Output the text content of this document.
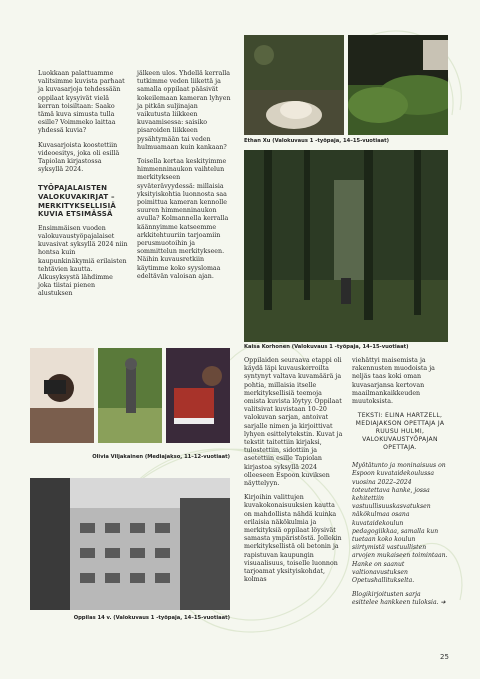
Luokkaan palattuamme valitsimme kuvista parhaat ja kuvasarjoja tehdessään oppilaat kysyivät vielä kerran toisiltaan: Saako tämä kuva simusta tulla esille? Voimmeko laittaa yhdessä kuvia?

Kuvasarjoista koostettiin videoesitys, joka oli esillä Tapiolan kirjastossa syksyllä 2024.

TYÖPAJALAISTEN VALOKUVAKIRJAT – MERKITYKSELLISIÄ KUVIA ETSIMÄSSÄ

Ensimmäisen vuoden valokuvaustyöpajalaiset kuvasivat syksyllä 2024 niin hontsa kuin kaupunkinäkymiä erilaisten tehtävien kautta. Alkusyksystä lähdimme joka tiistai pienen alustuksen

jälkeen ulos. Yhdellä kerralla tutkimme veden liikettä ja samalla oppilaat pääsivät kokeilemaan kameran lyhyen ja pitkän suljinajan vaikutusta liikkeen kuvaamisessa: saisiko pisaroiden liikkeen pysähtymään tai veden hulmuamaan kuin kankaan?

Toisella kertaa keskityimme himmenninaukon vaihtelun merkitykseen syväterävyydessä: millaisia yksityiskohtia luonnosta saa poimittua kameran kennolle suuren himmenninaukon avulla? Kolmannella kerralla käännyimme katseemme arkkitehtuuriin tarjoamiin perusmuotoihin ja sommittelun merkitykseen. Näihin kuvausretkiin käytimme koko syyslomaa edeltävän valoisan ajan.

Ethan Xu (Valokuvaus 1 -työpaja, 14–15-vuotiaat)
Kaisa Korhonen (Valokuvaus 1 -työpaja, 14–15-vuotiaat)
Olivia Viljakainen (Mediajakso, 11–12-vuotiaat)
Oppilas 14 v. (Valokuvaus 1 -työpaja, 14–15-vuotiaat)

Oppilaiden seuraava etappi oli käydä läpi kuvauskerroilta syntynyt valtava kuvamäärä ja pohtia, millaisia itselle merkityksellisiä teemoja omista kuvista löytyy. Oppilaat valitsivat kuvistaan 10–20 valokuvan sarjan, antoivat sarjalle nimen ja kirjoittivat lyhyen esittelytekstin. Kuvat ja tekstit taitettiin kirjaksi, tulostettiin, sidottiin ja asetettiin esille Tapiolan kirjastoa syksyllä 2024 olleeseen Espoon kuviksen näyttelyyn.

Kirjoihin valittujen kuvakokonaisuuksien kautta on mahdollista nähdä kuinka erilaisia näkökulmia ja merkityksiä oppilaat löysivät samasta ympäristöstä. Jollekin merkityksellistä oli betonin ja rapistuvan kaupungin visuaalisuus, toiselle luonnon tarjoamat yksityiskohdat, kolmas

viehättyi maisemista ja rakennusten muodoista ja neljäs taas koki oman kuvasarjansa kertovan maailmankaikkeuden muutoksista.

TEKSTI: ELINA HARTZELL, MEDIAJAKSON OPETTAJA JA RUUSU HULMI, VALOKUVAUSTYÖPAJAN OPETTAJA.

Myötätunto ja moninaisuus on Espoon kuvataidekoulussa vuosina 2022–2024 toteutettava hanke, jossa kehitettiin vastuullisuuskasvatuksen näkökulmaa osana kuvataidekoulun pedagogiikkaa, samalla kun tuetaan koko koulun siirtymistä vastuullisten arvojen mukaiseen toimintaan. Hanke on saanut valtionavustuksen Opetushallitukselta.

Blogikirjoitusten sarja esittelee hankkeen tuloksia. ➔

25
